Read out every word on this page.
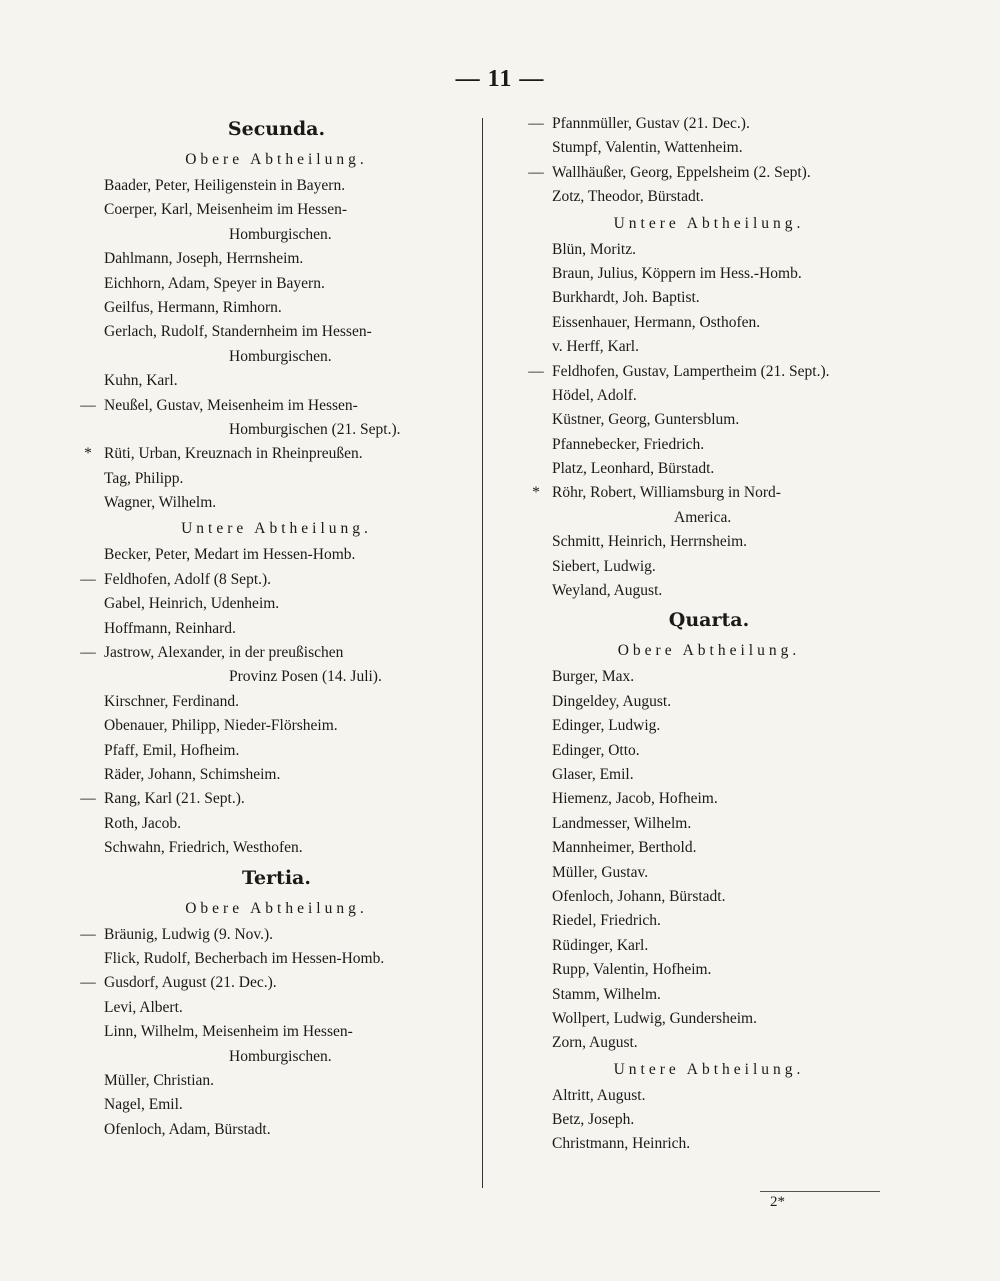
— 11 —
Secunda.
Obere Abtheilung.
Baader, Peter, Heiligenstein in Bayern.
Coerper, Karl, Meisenheim im Hessen-
Homburgischen.
Dahlmann, Joseph, Herrnsheim.
Eichhorn, Adam, Speyer in Bayern.
Geilfus, Hermann, Rimhorn.
Gerlach, Rudolf, Standernheim im Hessen-
Homburgischen.
Kuhn, Karl.
— Neußel, Gustav, Meisenheim im Hessen-
Homburgischen (21. Sept.).
* Rüti, Urban, Kreuznach in Rheinpreußen.
Tag, Philipp.
Wagner, Wilhelm.
Untere Abtheilung.
Becker, Peter, Medart im Hessen-Homb.
— Feldhofen, Adolf (8 Sept.).
Gabel, Heinrich, Udenheim.
Hoffmann, Reinhard.
— Jastrow, Alexander, in der preußischen
Provinz Posen (14. Juli).
Kirschner, Ferdinand.
Obenauer, Philipp, Nieder-Flörsheim.
Pfaff, Emil, Hofheim.
Räder, Johann, Schimsheim.
— Rang, Karl (21. Sept.).
Roth, Jacob.
Schwahn, Friedrich, Westhofen.
Tertia.
Obere Abtheilung.
— Bräunig, Ludwig (9. Nov.).
Flick, Rudolf, Becherbach im Hessen-Homb.
— Gusdorf, August (21. Dec.).
Levi, Albert.
Linn, Wilhelm, Meisenheim im Hessen-
Homburgischen.
Müller, Christian.
Nagel, Emil.
Ofenloch, Adam, Bürstadt.
— Pfannmüller, Gustav (21. Dec.).
Stumpf, Valentin, Wattenheim.
— Wallhäußer, Georg, Eppelsheim (2. Sept).
Zotz, Theodor, Bürstadt.
Untere Abtheilung.
Blün, Moritz.
Braun, Julius, Köppern im Hess.-Homb.
Burkhardt, Joh. Baptist.
Eissenhauer, Hermann, Osthofen.
v. Herff, Karl.
— Feldhofen, Gustav, Lampertheim (21. Sept.).
Hödel, Adolf.
Küstner, Georg, Guntersblum.
Pfannebecker, Friedrich.
Platz, Leonhard, Bürstadt.
* Röhr, Robert, Williamsburg in Nord-
America.
Schmitt, Heinrich, Herrnsheim.
Siebert, Ludwig.
Weyland, August.
Quarta.
Obere Abtheilung.
Burger, Max.
Dingeldey, August.
Edinger, Ludwig.
Edinger, Otto.
Glaser, Emil.
Hiemenz, Jacob, Hofheim.
Landmesser, Wilhelm.
Mannheimer, Berthold.
Müller, Gustav.
Ofenloch, Johann, Bürstadt.
Riedel, Friedrich.
Rüdinger, Karl.
Rupp, Valentin, Hofheim.
Stamm, Wilhelm.
Wollpert, Ludwig, Gundersheim.
Zorn, August.
Untere Abtheilung.
Altritt, August.
Betz, Joseph.
Christmann, Heinrich.
2*
